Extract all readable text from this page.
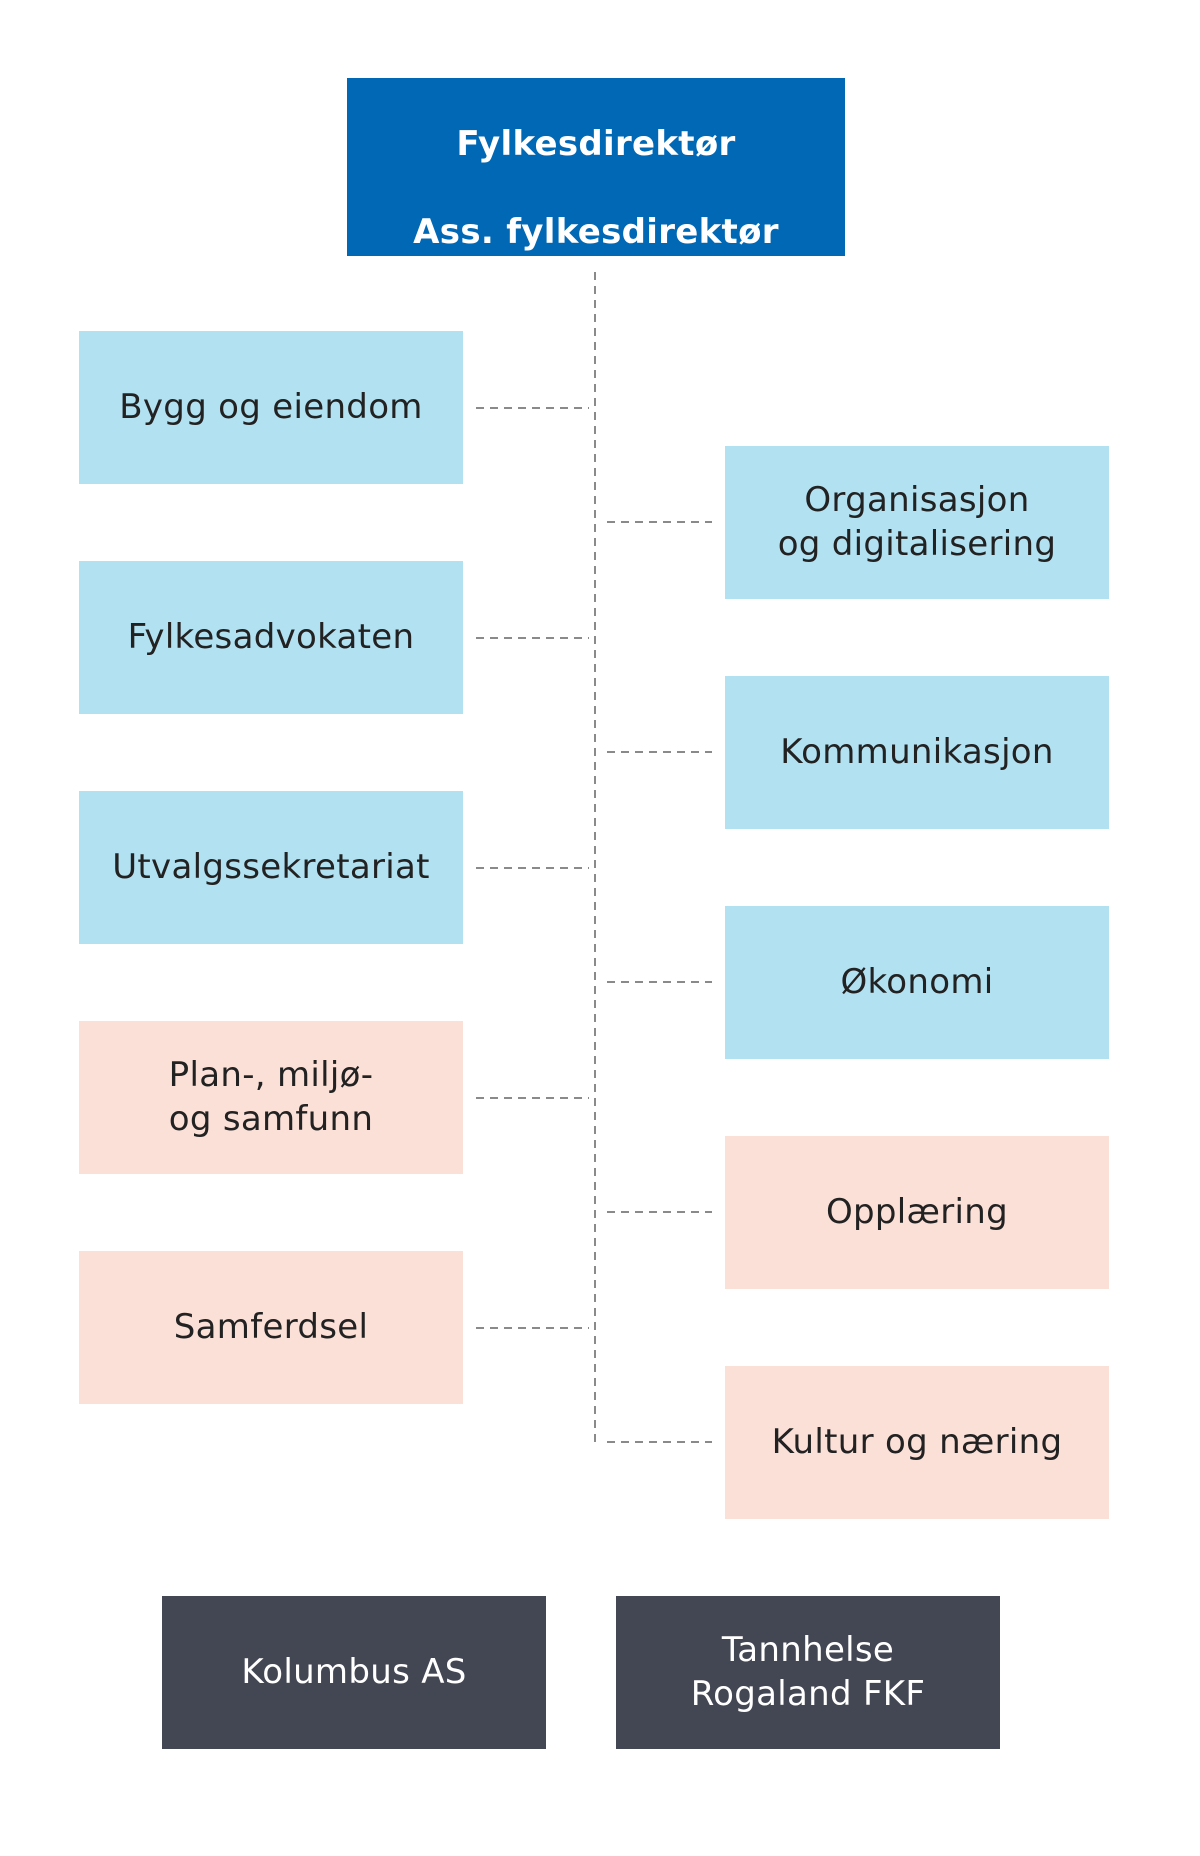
Fylkesdirektør

Ass. fylkesdirektør

Bygg og eiendom
Fylkesadvokaten
Utvalgssekretariat
Plan-, miljø-
og samfunn
Samferdsel
Organisasjon
og digitalisering
Kommunikasjon
Økonomi
Opplæring
Kultur og næring
Kolumbus AS
Tannhelse
Rogaland FKF
